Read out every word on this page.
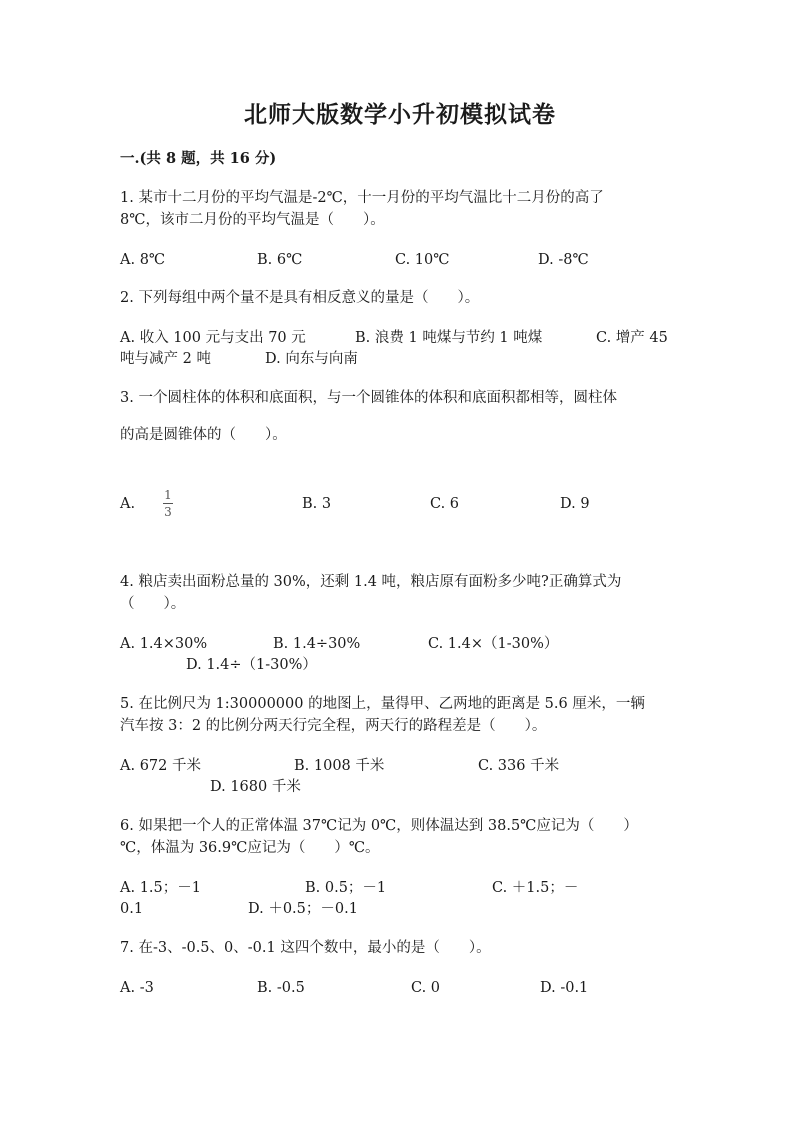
北师大版数学小升初模拟试卷
一.(共 8 题，共 16 分)
1. 某市十二月份的平均气温是-2℃，十一月份的平均气温比十二月份的高了
8℃，该市二月份的平均气温是（　　）。
A. 8℃	B. 6℃	C. 10℃	D. -8℃
2. 下列每组中两个量不是具有相反意义的量是（　　）。
A. 收入 100 元与支出 70 元	B. 浪费 1 吨煤与节约 1 吨煤	C. 增产 45
吨与减产 2 吨	D. 向东与向南
3. 一个圆柱体的体积和底面积，与一个圆锥体的体积和底面积都相等，圆柱体
的高是圆锥体的（　　）。
A.
1
3	B. 3	C. 6	D. 9
4. 粮店卖出面粉总量的 30%，还剩 1.4 吨，粮店原有面粉多少吨?正确算式为
（　　）。
A. 1.4×30%	B. 1.4÷30%	C. 1.4×（1-30%）
D. 1.4÷（1-30%）
5. 在比例尺为 1:30000000 的地图上，量得甲、乙两地的距离是 5.6 厘米，一辆
汽车按 3：2 的比例分两天行完全程，两天行的路程差是（　　）。
A. 672 千米	B. 1008 千米	C. 336 千米
D. 1680 千米
6. 如果把一个人的正常体温 37℃记为 0℃，则体温达到 38.5℃应记为（　　）
℃，体温为 36.9℃应记为（　　）℃。
A. 1.5；－1	B. 0.5；－1	C. ＋1.5；－
0.1	D. ＋0.5；－0.1
7. 在-3、-0.5、0、-0.1 这四个数中，最小的是（　　）。
A. -3	B. -0.5	C. 0	D. -0.1
